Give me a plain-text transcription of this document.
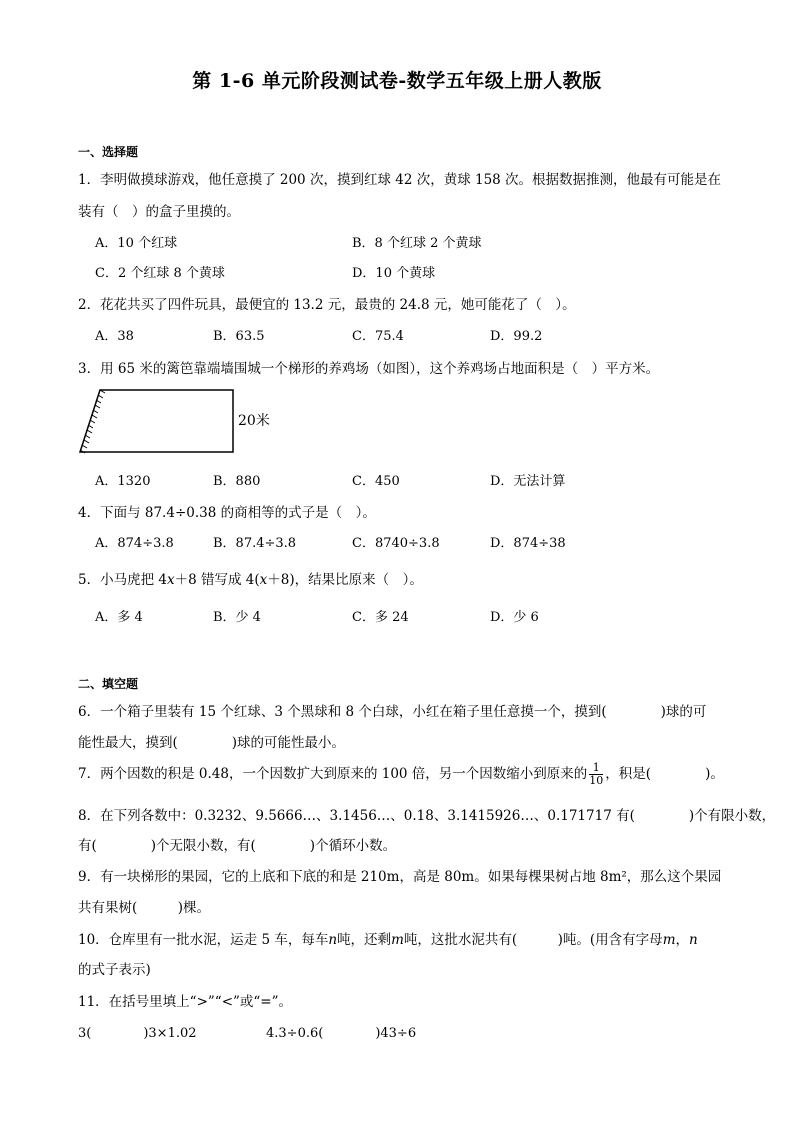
第 1-6 单元阶段测试卷-数学五年级上册人教版
一、选择题
1．李明做摸球游戏，他任意摸了 200 次，摸到红球 42 次，黄球 158 次。根据数据推测，他最有可能是在
装有（　）的盒子里摸的。
A．10 个红球	B．8 个红球 2 个黄球
C．2 个红球 8 个黄球	D．10 个黄球
2．花花共买了四件玩具，最便宜的 13.2 元，最贵的 24.8 元，她可能花了（　）。
A．38	B．63.5	C．75.4	D．99.2
3．用 65 米的篱笆靠端墙围城一个梯形的养鸡场（如图），这个养鸡场占地面积是（　）平方米。
20米
A．1320	B．880	C．450	D．无法计算
4．下面与 87.4÷0.38 的商相等的式子是（　）。
A．874÷3.8	B．87.4÷3.8	C．8740÷3.8	D．874÷38
5．小马虎把 4x＋8 错写成 4(x＋8)，结果比原来（　）。
A．多 4	B．少 4	C．多 24	D．少 6
二、填空题
6．一个箱子里装有 15 个红球、3 个黑球和 8 个白球，小红在箱子里任意摸一个，摸到(　　　　)球的可
能性最大，摸到(　　　　)球的可能性最小。
7．两个因数的积是 0.48，一个因数扩大到原来的 100 倍，另一个因数缩小到原来的 $\frac{1}{10}$ ，积是(　　　　)。
8．在下列各数中：0.3232、9.5666…、3.1456…、0.18、3.1415926…、0.171717 有(　　　　)个有限小数，
有(　　　　)个无限小数，有(　　　　)个循环小数。
9．有一块梯形的果园，它的上底和下底的和是 210m，高是 80m。如果每棵果树占地 8m²，那么这个果园
共有果树(　　　)棵。
10．仓库里有一批水泥，运走 5 车，每车n吨，还剩m吨，这批水泥共有(　　　)吨。(用含有字母m，n
的式子表示)
11．在括号里填上“>”“<”或“=”。
3(　　　　)3×1.02	4.3÷0.6(　　　　)43÷6
